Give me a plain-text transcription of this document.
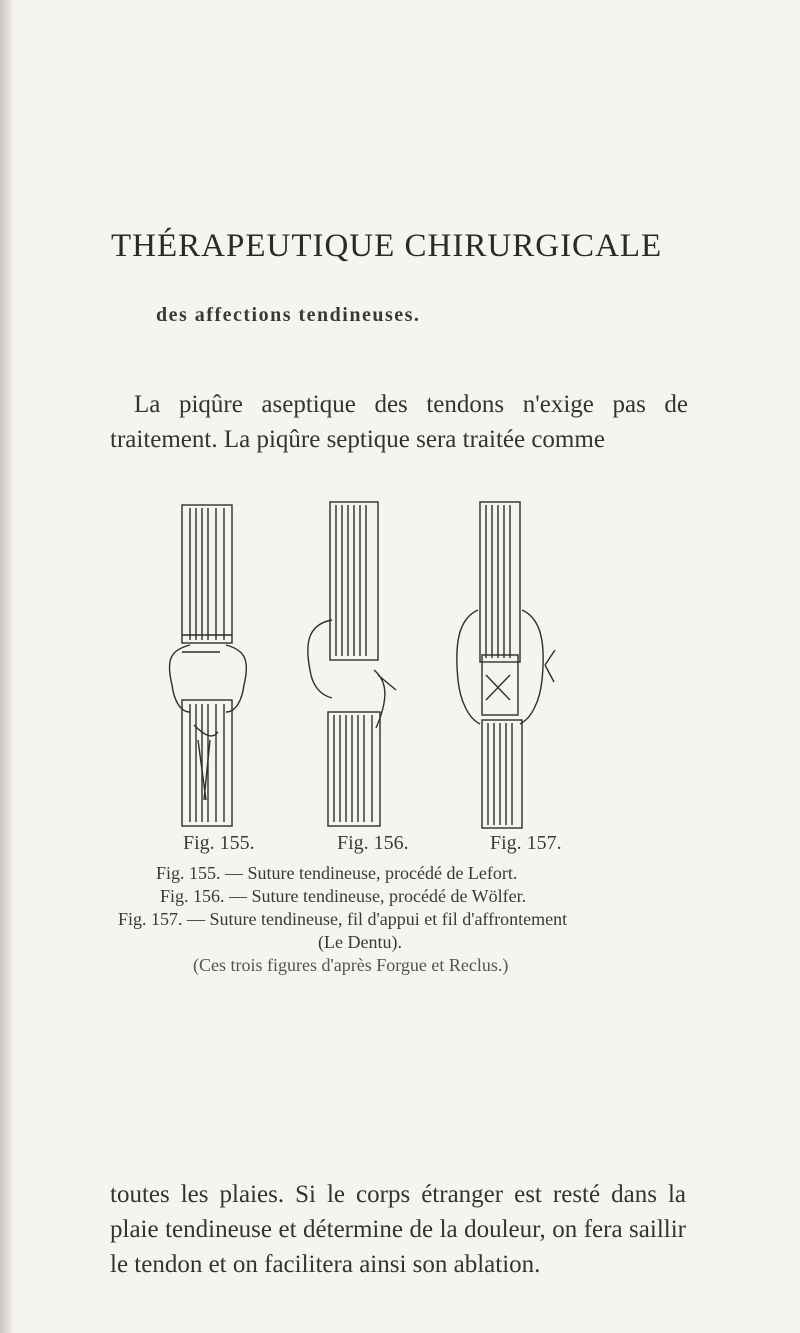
THÉRAPEUTIQUE CHIRURGICALE
des affections tendineuses.

La piqûre aseptique des tendons n'exige pas de traitement. La piqûre septique sera traitée comme

Fig. 155.	Fig. 156.	Fig. 157.

Fig. 155. — Suture tendineuse, procédé de Lefort.

Fig. 156. — Suture tendineuse, procédé de Wölfer.

Fig. 157. — Suture tendineuse, fil d'appui et fil d'affrontement

(Le Dentu).

(Ces trois figures d'après Forgue et Reclus.)

toutes les plaies. Si le corps étranger est resté dans la plaie tendineuse et détermine de la douleur, on fera saillir le tendon et on facilitera ainsi son ablation.
